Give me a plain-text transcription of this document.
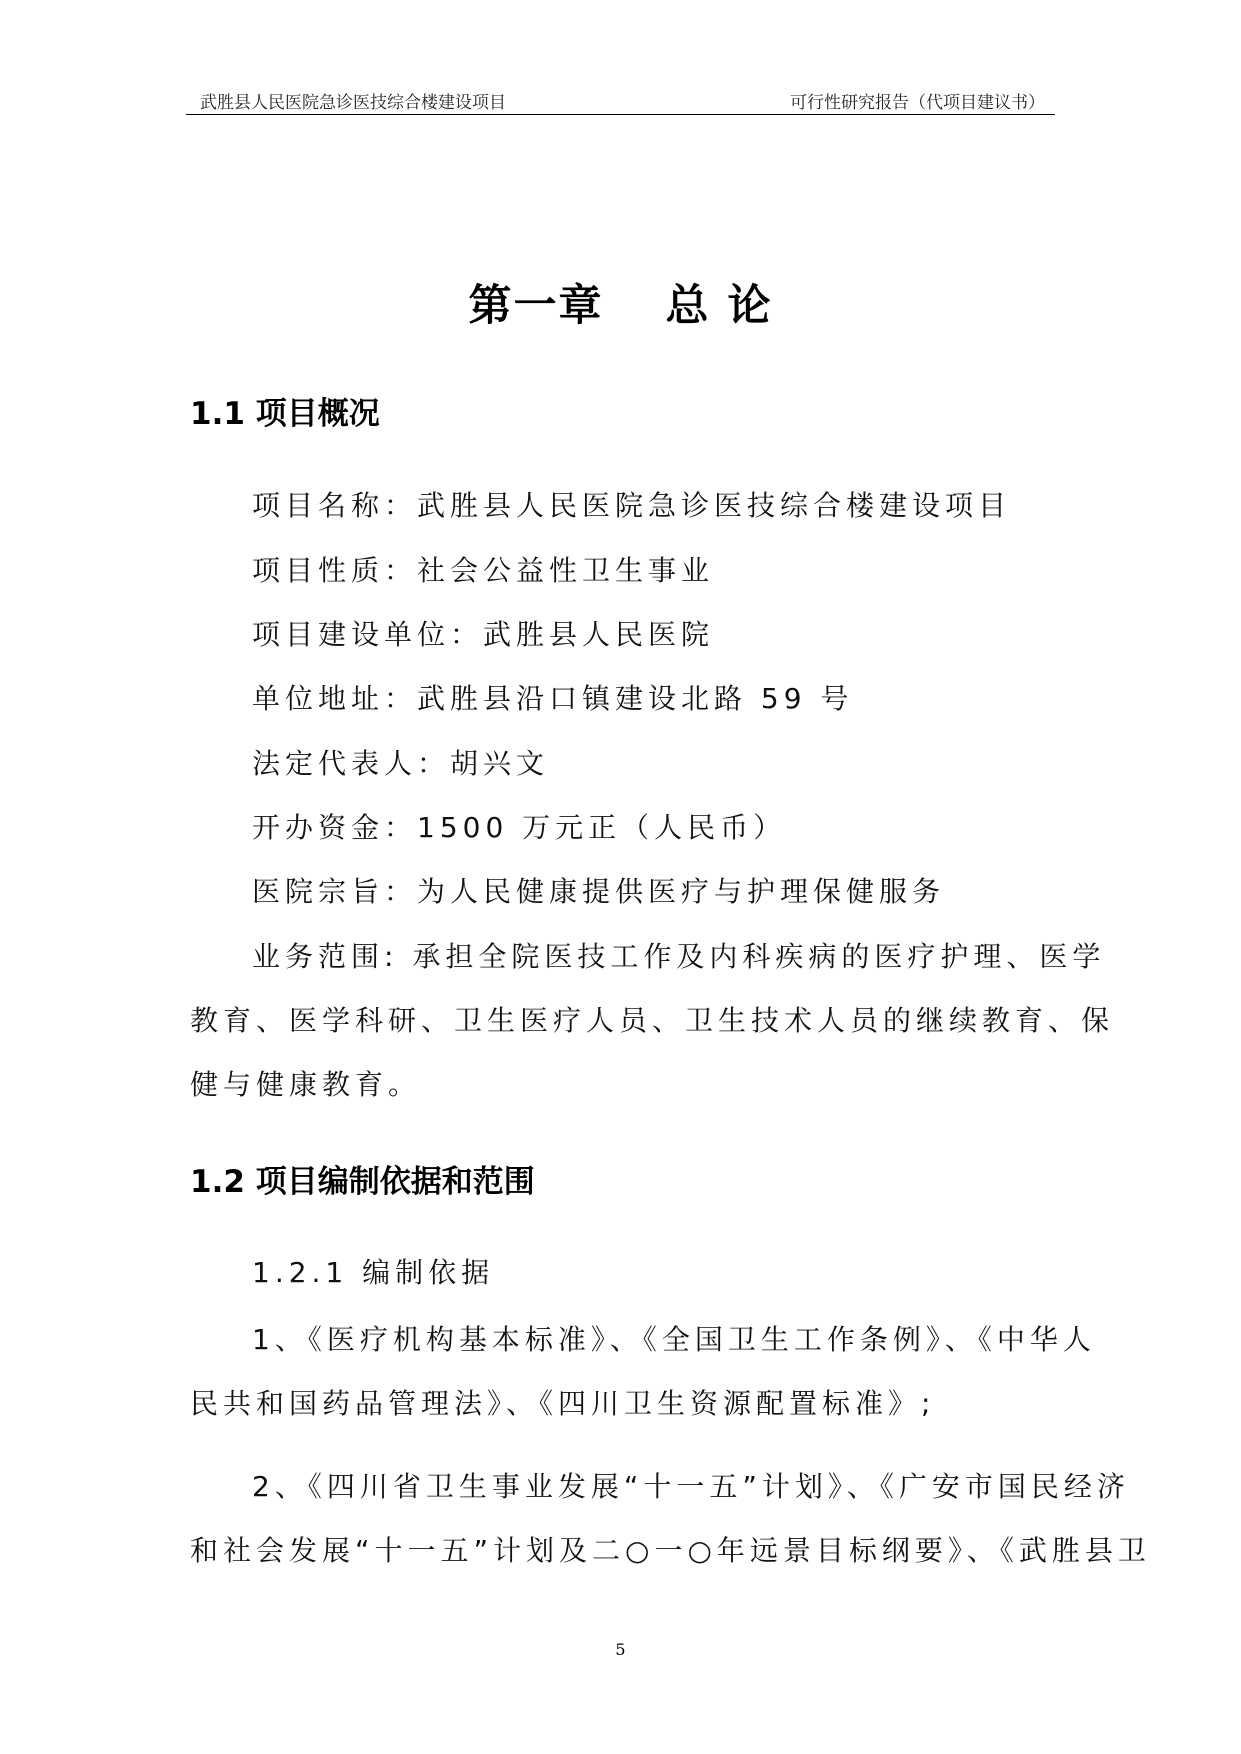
武胜县人民医院急诊医技综合楼建设项目	可行性研究报告（代项目建议书）
第一章　 总 论
1.1 项目概况
项目名称：武胜县人民医院急诊医技综合楼建设项目
项目性质：社会公益性卫生事业
项目建设单位：武胜县人民医院
单位地址：武胜县沿口镇建设北路 59 号
法定代表人：胡兴文
开办资金：1500 万元正（人民币）
医院宗旨：为人民健康提供医疗与护理保健服务
业务范围: 承担全院医技工作及内科疾病的医疗护理、医学
教育、医学科研、卫生医疗人员、卫生技术人员的继续教育、保
健与健康教育。
1.2 项目编制依据和范围
1.2.1 编制依据
1、《医疗机构基本标准》、《全国卫生工作条例》、《中华人
民共和国药品管理法》、《四川卫生资源配置标准》;
2、《四川省卫生事业发展“十一五”计划》、《广安市国民经济
和社会发展“十一五”计划及二○一○年远景目标纲要》、《武胜县卫
5
